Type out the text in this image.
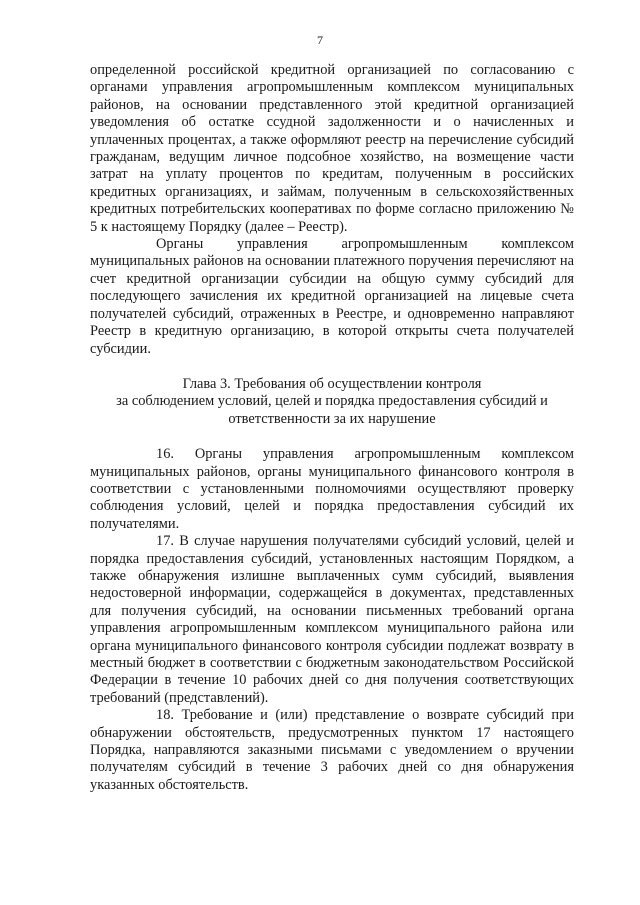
7

определенной российской кредитной организацией по согласованию с органами управления агропромышленным комплексом муниципальных районов, на основании представленного этой кредитной организацией уведомления об остатке ссудной задолженности и о начисленных и уплаченных процентах, а также оформляют реестр на перечисление субсидий гражданам, ведущим личное подсобное хозяйство, на возмещение части затрат на уплату процентов по кредитам, полученным в российских кредитных организациях, и займам, полученным в сельскохозяйственных кредитных потребительских кооперативах по форме согласно приложению № 5 к настоящему Порядку (далее – Реестр).

Органы управления агропромышленным комплексом муниципальных районов на основании платежного поручения перечисляют на счет кредитной организации субсидии на общую сумму субсидий для последующего зачисления их кредитной организацией на лицевые счета получателей субсидий, отраженных в Реестре, и одновременно направляют Реестр в кредитную организацию, в которой открыты счета получателей субсидии.

Глава 3. Требования об осуществлении контроля
за соблюдением условий, целей и порядка предоставления субсидий и
ответственности за их нарушение

16. Органы управления агропромышленным комплексом муниципальных районов, органы муниципального финансового контроля в соответствии с установленными полномочиями осуществляют проверку соблюдения условий, целей и порядка предоставления субсидий их получателями.

17. В случае нарушения получателями субсидий условий, целей и порядка предоставления субсидий, установленных настоящим Порядком, а также обнаружения излишне выплаченных сумм субсидий, выявления недостоверной информации, содержащейся в документах, представленных для получения субсидий, на основании письменных требований органа управления агропромышленным комплексом муниципального района или органа муниципального финансового контроля субсидии подлежат возврату в местный бюджет в соответствии с бюджетным законодательством Российской Федерации в течение 10 рабочих дней со дня получения соответствующих требований (представлений).

18. Требование и (или) представление о возврате субсидий при обнаружении обстоятельств, предусмотренных пунктом 17 настоящего Порядка, направляются заказными письмами с уведомлением о вручении получателям субсидий в течение 3 рабочих дней со дня обнаружения указанных обстоятельств.
